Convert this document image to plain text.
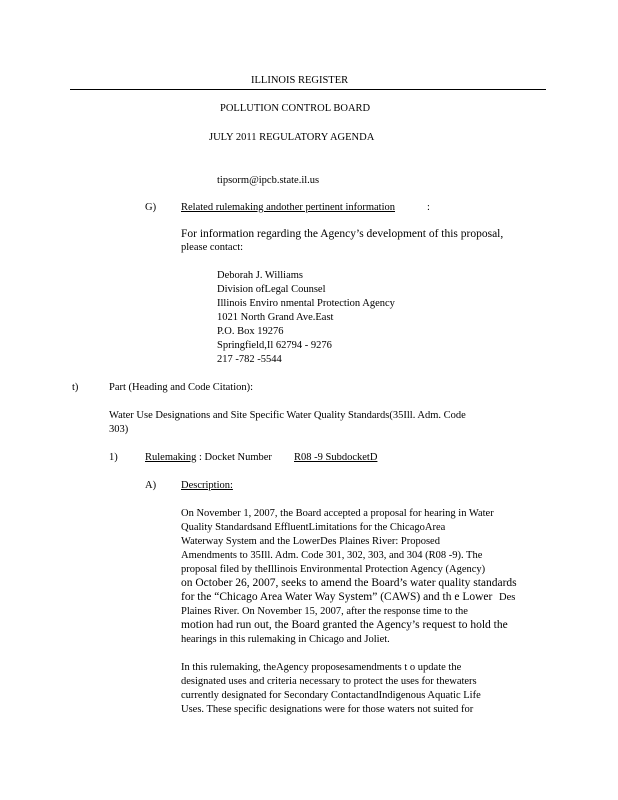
ILLINOIS REGISTER
POLLUTION CONTROL BOARD
JULY 2011 REGULATORY AGENDA
tipsorm@ipcb.state.il.us
G) Related rulemaking andother pertinent information	:
For information regarding the Agency’s development of this proposal,
please contact:
Deborah J. Williams
Division ofLegal Counsel
Illinois Enviro nmental Protection Agency
1021 North Grand Ave.East
P.O. Box 19276
Springfield,Il 62794 - 9276
217 -782 -5544
t)	Part (Heading and Code Citation):
Water Use Designations and Site Specific Water Quality Standards(35Ill. Adm. Code
303)
1)	Rulemaking : Docket Number R08 -9 SubdocketD
A) Description:
On November 1, 2007, the Board accepted a proposal for hearing in Water
Quality Standardsand EffluentLimitations for the ChicagoArea
Waterway System and the LowerDes Plaines River: Proposed
Amendments to 35Ill. Adm. Code 301, 302, 303, and 304 (R08 -9). The
proposal filed by theIllinois Environmental Protection Agency (Agency)
on October 26, 2007, seeks to amend the Board’s water quality standards
for the “Chicago Area Water Way System” (CAWS) and th e Lower Des
Plaines River. On November 15, 2007, after the response time to the
motion had run out, the Board granted the Agency’s request to hold the
hearings in this rulemaking in Chicago and Joliet.
In this rulemaking, theAgency proposesamendments t o update the
designated uses and criteria necessary to protect the uses for thewaters
currently designated for Secondary ContactandIndigenous Aquatic Life
Uses. These specific designations were for those waters not suited for
